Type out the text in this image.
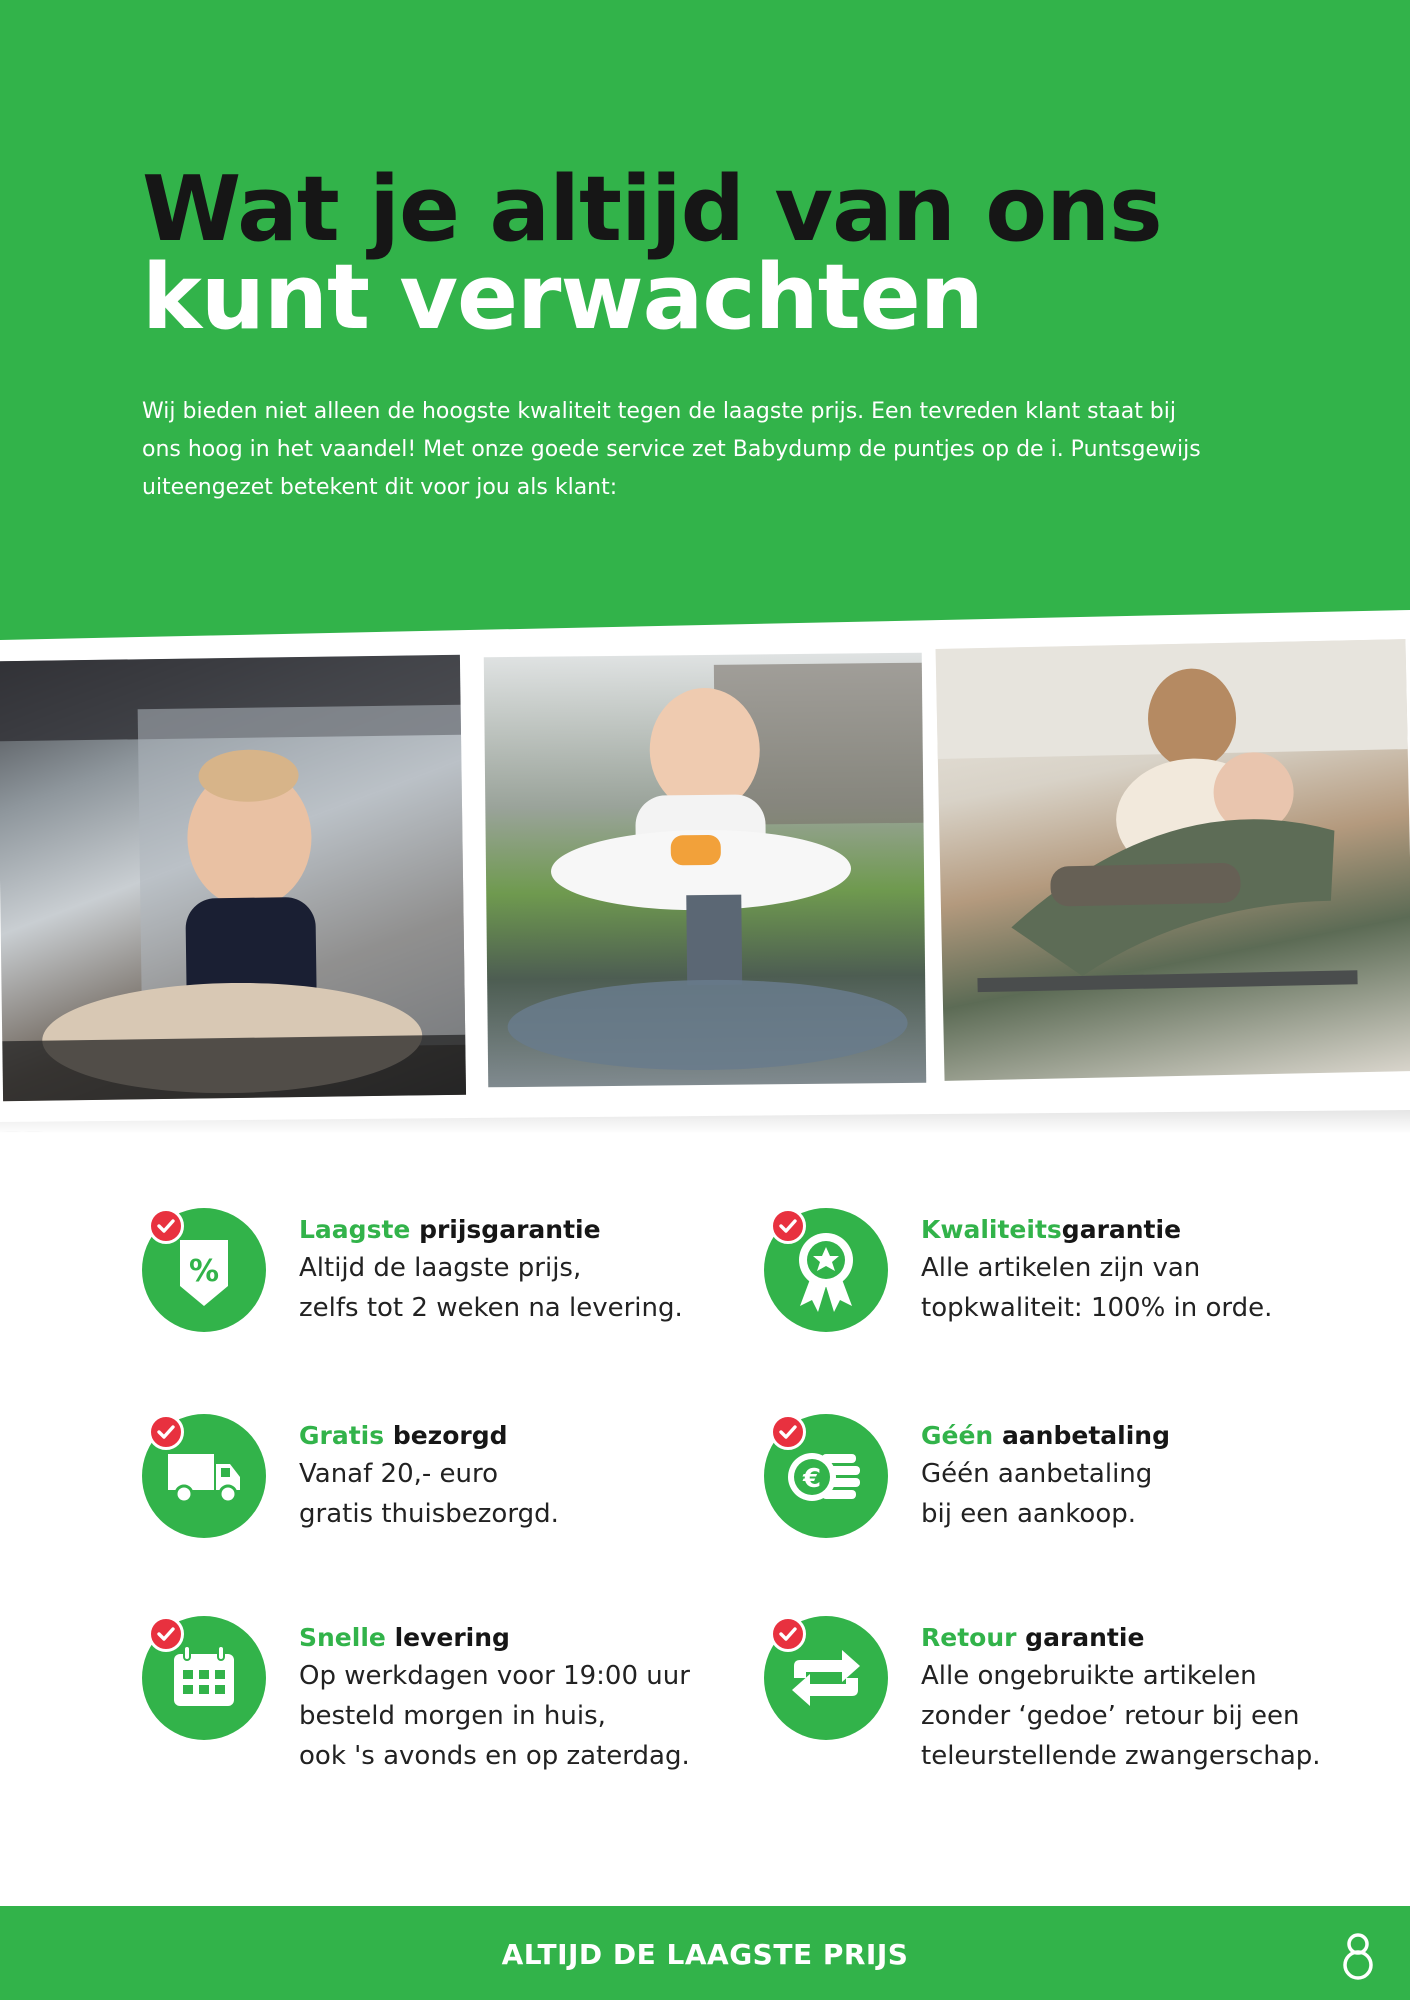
Wat je altijd van ons
kunt verwachten

Wij bieden niet alleen de hoogste kwaliteit tegen de laagste prijs. Een tevreden klant staat bij ons hoog in het vaandel! Met onze goede service zet Babydump de puntjes op de i. Puntsgewijs uiteengezet betekent dit voor jou als klant:

%
Laagste prijsgarantie
Altijd de laagste prijs,
zelfs tot 2 weken na levering.
Kwaliteitsgarantie
Alle artikelen zijn van
topkwaliteit: 100% in orde.
Gratis bezorgd
Vanaf 20,- euro
gratis thuisbezorgd.
€
Géén aanbetaling
Géén aanbetaling
bij een aankoop.
Snelle levering
Op werkdagen voor 19:00 uur
besteld morgen in huis,
ook 's avonds en op zaterdag.
Retour garantie
Alle ongebruikte artikelen
zonder ‘gedoe’ retour bij een
teleurstellende zwangerschap.
ALTIJD DE LAAGSTE PRIJS
